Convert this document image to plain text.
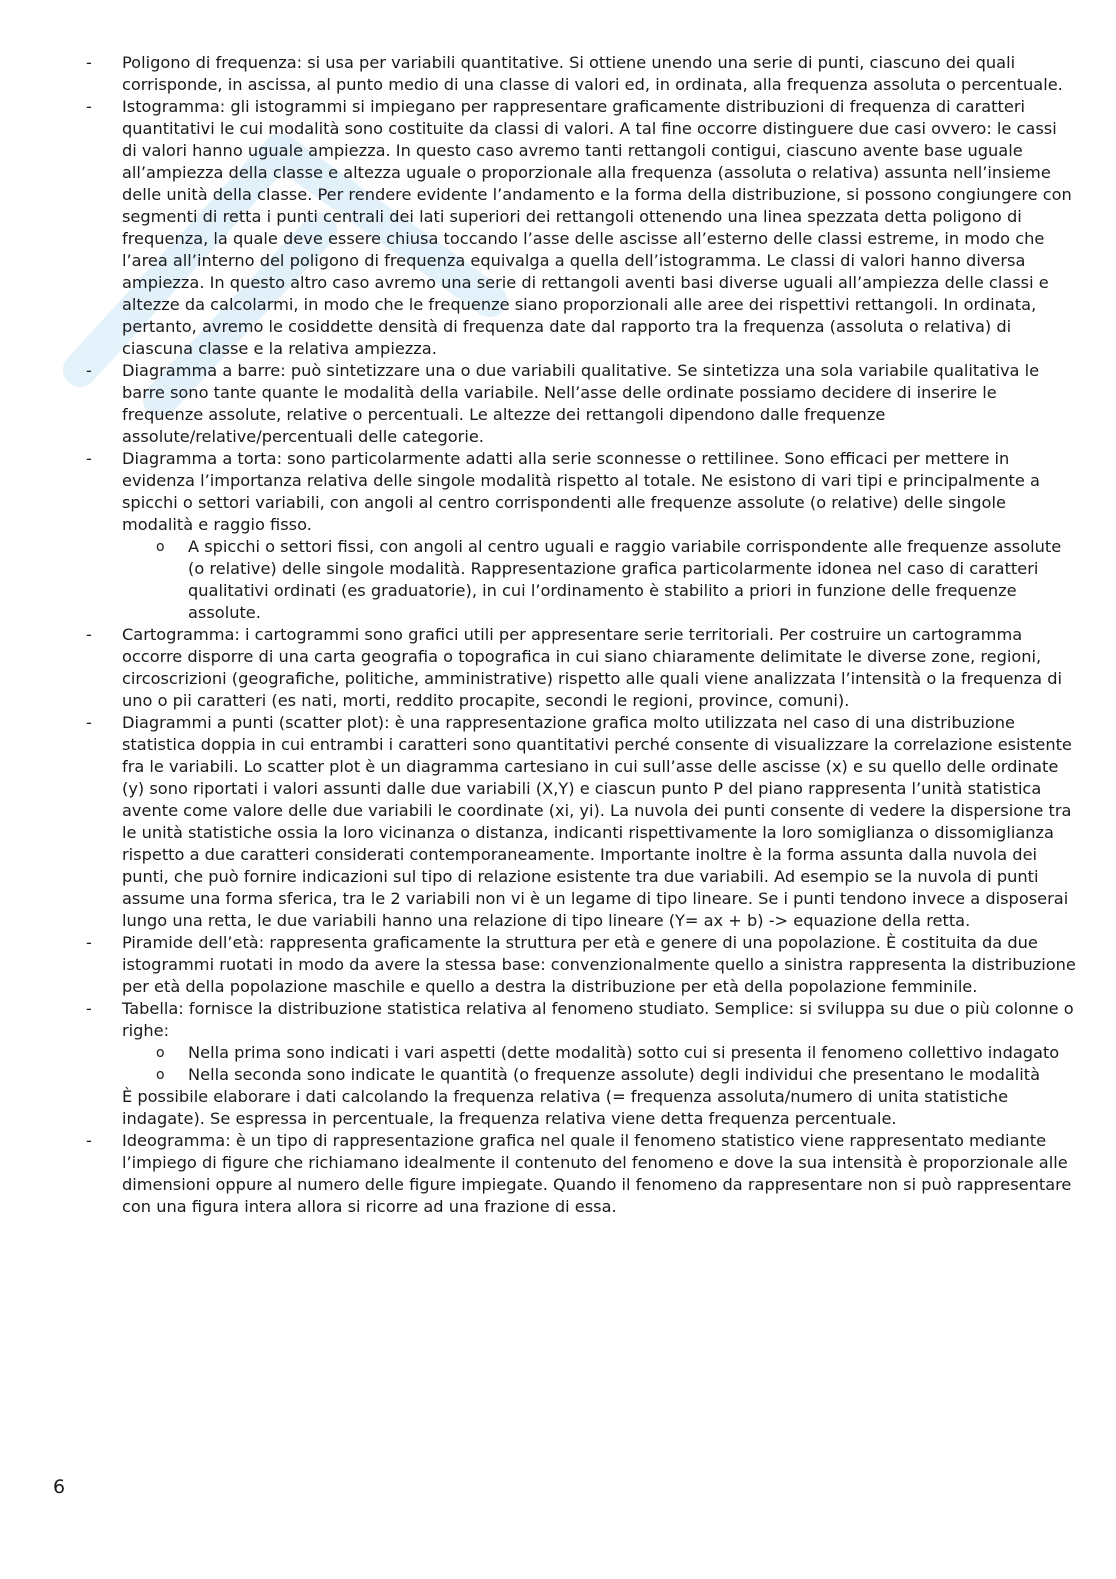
- Poligono di frequenza: si usa per variabili quantitative. Si ottiene unendo una serie di punti, ciascuno dei quali corrisponde, in ascissa, al punto medio di una classe di valori ed, in ordinata, alla frequenza assoluta o percentuale.
- Istogramma: gli istogrammi si impiegano per rappresentare graficamente distribuzioni di frequenza di caratteri quantitativi le cui modalità sono costituite da classi di valori. A tal fine occorre distinguere due casi ovvero: le cassi di valori hanno uguale ampiezza. In questo caso avremo tanti rettangoli contigui, ciascuno avente base uguale all’ampiezza della classe e altezza uguale o proporzionale alla frequenza (assoluta o relativa) assunta nell’insieme delle unità della classe. Per rendere evidente l’andamento e la forma della distribuzione, si possono congiungere con segmenti di retta i punti centrali dei lati superiori dei rettangoli ottenendo una linea spezzata detta poligono di frequenza, la quale deve essere chiusa toccando l’asse delle ascisse all’esterno delle classi estreme, in modo che l’area all’interno del poligono di frequenza equivalga a quella dell’istogramma. Le classi di valori hanno diversa ampiezza. In questo altro caso avremo una serie di rettangoli aventi basi diverse uguali all’ampiezza delle classi e altezze da calcolarmi, in modo che le frequenze siano proporzionali alle aree dei rispettivi rettangoli. In ordinata, pertanto, avremo le cosiddette densità di frequenza date dal rapporto tra la frequenza (assoluta o relativa) di ciascuna classe e la relativa ampiezza.
- Diagramma a barre: può sintetizzare una o due variabili qualitative. Se sintetizza una sola variabile qualitativa le barre sono tante quante le modalità della variabile. Nell’asse delle ordinate possiamo decidere di inserire le frequenze assolute, relative o percentuali. Le altezze dei rettangoli dipendono dalle frequenze assolute/relative/percentuali delle categorie.
- Diagramma a torta: sono particolarmente adatti alla serie sconnesse o rettilinee. Sono efficaci per mettere in evidenza l’importanza relativa delle singole modalità rispetto al totale. Ne esistono di vari tipi e principalmente a spicchi o settori variabili, con angoli al centro corrispondenti alle frequenze assolute (o relative) delle singole modalità e raggio fisso.
o A spicchi o settori fissi, con angoli al centro uguali e raggio variabile corrispondente alle frequenze assolute (o relative) delle singole modalità. Rappresentazione grafica particolarmente idonea nel caso di caratteri qualitativi ordinati (es graduatorie), in cui l’ordinamento è stabilito a priori in funzione delle frequenze assolute.
- Cartogramma: i cartogrammi sono grafici utili per appresentare serie territoriali. Per costruire un cartogramma occorre disporre di una carta geografia o topografica in cui siano chiaramente delimitate le diverse zone, regioni, circoscrizioni (geografiche, politiche, amministrative) rispetto alle quali viene analizzata l’intensità o la frequenza di uno o pii caratteri (es nati, morti, reddito procapite, secondi le regioni, province, comuni).
- Diagrammi a punti (scatter plot): è una rappresentazione grafica molto utilizzata nel caso di una distribuzione statistica doppia in cui entrambi i caratteri sono quantitativi perché consente di visualizzare la correlazione esistente fra le variabili. Lo scatter plot è un diagramma cartesiano in cui sull’asse delle ascisse (x) e su quello delle ordinate (y) sono riportati i valori assunti dalle due variabili (X,Y) e ciascun punto P del piano rappresenta l’unità statistica avente come valore delle due variabili le coordinate (xi, yi). La nuvola dei punti consente di vedere la dispersione tra le unità statistiche ossia la loro vicinanza o distanza, indicanti rispettivamente la loro somiglianza o dissomiglianza rispetto a due caratteri considerati contemporaneamente. Importante inoltre è la forma assunta dalla nuvola dei punti, che può fornire indicazioni sul tipo di relazione esistente tra due variabili. Ad esempio se la nuvola di punti assume una forma sferica, tra le 2 variabili non vi è un legame di tipo lineare. Se i punti tendono invece a disposerai lungo una retta, le due variabili hanno una relazione di tipo lineare (Y= ax + b) -> equazione della retta.
- Piramide dell’età: rappresenta graficamente la struttura per età e genere di una popolazione. È costituita da due istogrammi ruotati in modo da avere la stessa base: convenzionalmente quello a sinistra rappresenta la distribuzione per età della popolazione maschile e quello a destra la distribuzione per età della popolazione femminile.
- Tabella: fornisce la distribuzione statistica relativa al fenomeno studiato. Semplice: si sviluppa su due o più colonne o righe:
o Nella prima sono indicati i vari aspetti (dette modalità) sotto cui si presenta il fenomeno collettivo indagato
o Nella seconda sono indicate le quantità (o frequenze assolute) degli individui che presentano le modalità
È possibile elaborare i dati calcolando la frequenza relativa (= frequenza assoluta/numero di unita statistiche indagate). Se espressa in percentuale, la frequenza relativa viene detta frequenza percentuale.
- Ideogramma: è un tipo di rappresentazione grafica nel quale il fenomeno statistico viene rappresentato mediante l’impiego di figure che richiamano idealmente il contenuto del fenomeno e dove la sua intensità è proporzionale alle dimensioni oppure al numero delle figure impiegate. Quando il fenomeno da rappresentare non si può rappresentare con una figura intera allora si ricorre ad una frazione di essa.
6
